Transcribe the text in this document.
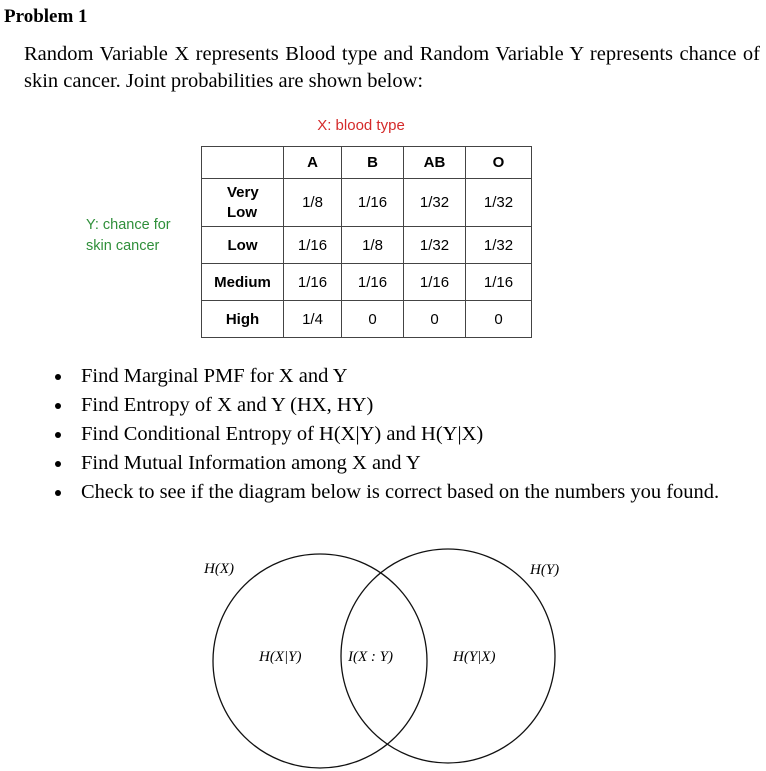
Problem 1
Random Variable X represents Blood type and Random Variable Y represents chance of skin cancer. Joint probabilities are shown below:
X: blood type
Y: chance for
skin cancer
	A	B	AB	O

Very
Low	1/8	1/16	1/32	1/32
Low	1/16	1/8	1/32	1/32
Medium	1/16	1/16	1/16	1/16
High	1/4	0	0	0
Find Marginal PMF for X and Y
Find Entropy of X and Y (HX, HY)
Find Conditional Entropy of H(X|Y) and H(Y|X)
Find Mutual Information among X and Y
Check to see if the diagram below is correct based on the numbers you found.
H(X)	H(Y)
H(X|Y)	I(X : Y)	H(Y|X)
